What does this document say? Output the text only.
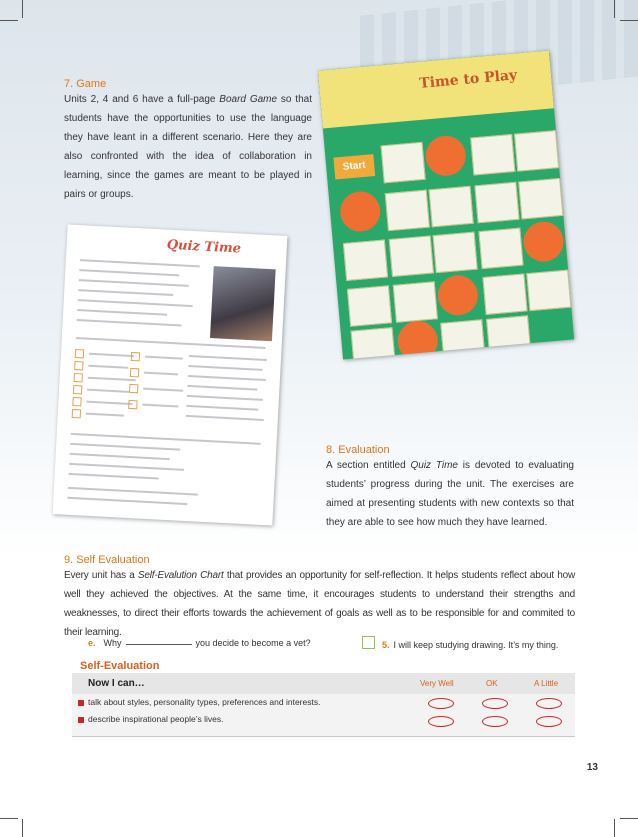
7. Game

Units 2, 4 and 6 have a full-page Board Game so that students have the opportunities to use the language they have leant in a different scenario. Here they are also confronted with the idea of collaboration in learning, since the games are meant to be played in pairs or groups.

Time to Play
Start
Quiz Time
8. Evaluation

A section entitled Quiz Time is devoted to evaluating students’ progress during the unit. The exercises are aimed at presenting students with new contexts so that they are able to see how much they have learned.

9. Self Evaluation

Every unit has a Self-Evalution Chart that provides an opportunity for self-reflection. It helps students reflect about how well they achieved the objectives. At the same time, it encourages students to understand their strengths and weaknesses, to direct their efforts towards the achievement of goals as well as to be responsible for and commited to their learning.

e. Why	you decide to become a vet?	5. I will keep studying drawing. It’s my thing.
Self-Evaluation
Now I can…	Very Well	OK	A Little
talk about styles, personality types, preferences and interests.
describe inspirational people’s lives.
13
